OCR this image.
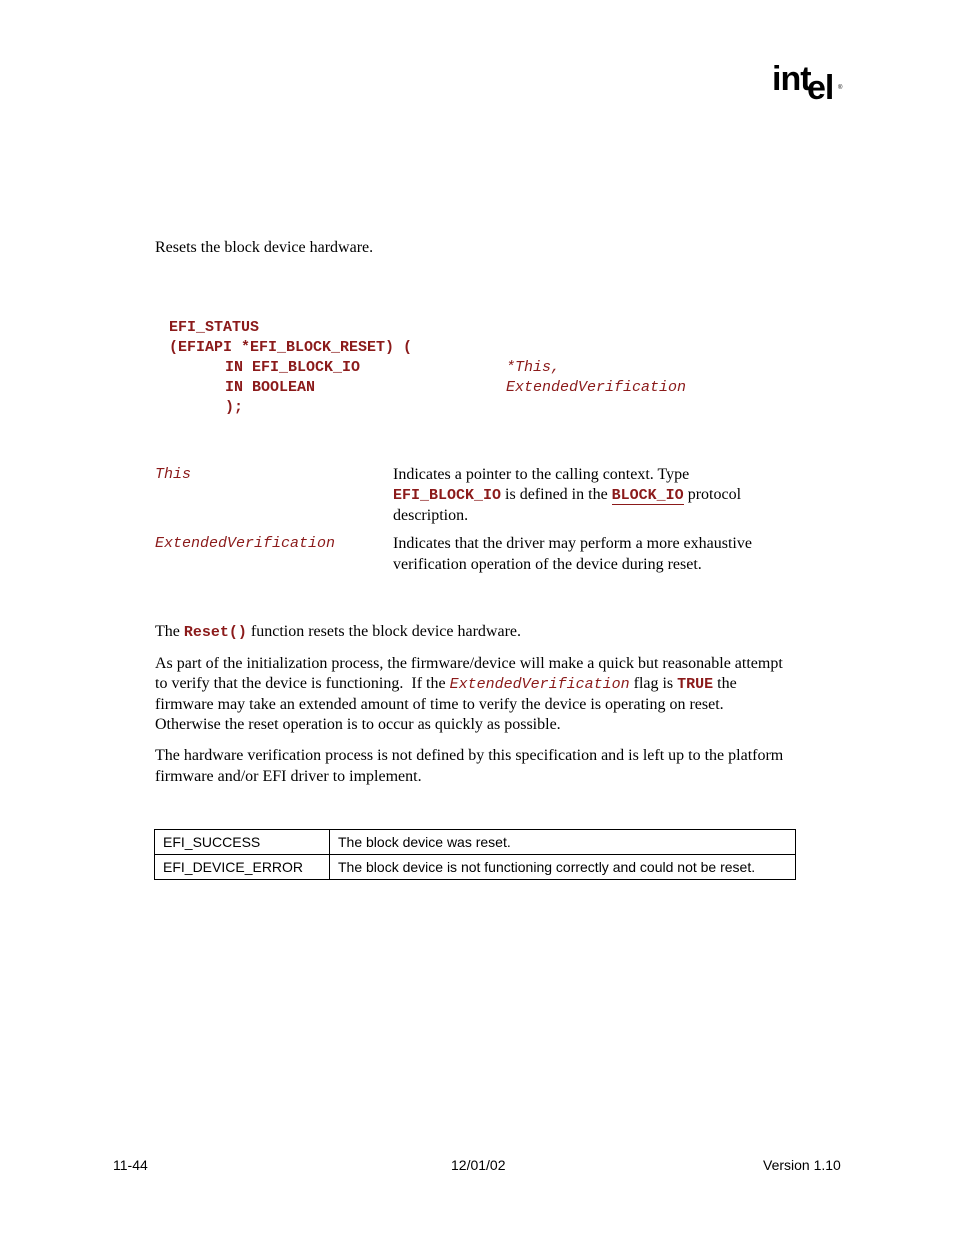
int
el ®
Resets the block device hardware.
EFI_STATUS
(EFIAPI *EFI_BLOCK_RESET) (
IN EFI_BLOCK_IO	*This,
IN BOOLEAN	ExtendedVerification
);
This	Indicates a pointer to the calling context. Type
EFI_BLOCK_IO is defined in the BLOCK_IO protocol
description.
ExtendedVerification	Indicates that the driver may perform a more exhaustive
verification operation of the device during reset.
The Reset() function resets the block device hardware.
As part of the initialization process, the firmware/device will make a quick but reasonable attempt
to verify that the device is functioning.  If the ExtendedVerification flag is TRUE the
firmware may take an extended amount of time to verify the device is operating on reset.
Otherwise the reset operation is to occur as quickly as possible.
The hardware verification process is not defined by this specification and is left up to the platform
firmware and/or EFI driver to implement.
EFI_SUCCESS	The block device was reset.
EFI_DEVICE_ERROR	The block device is not functioning correctly and could not be reset.
11-44	12/01/02	Version 1.10
